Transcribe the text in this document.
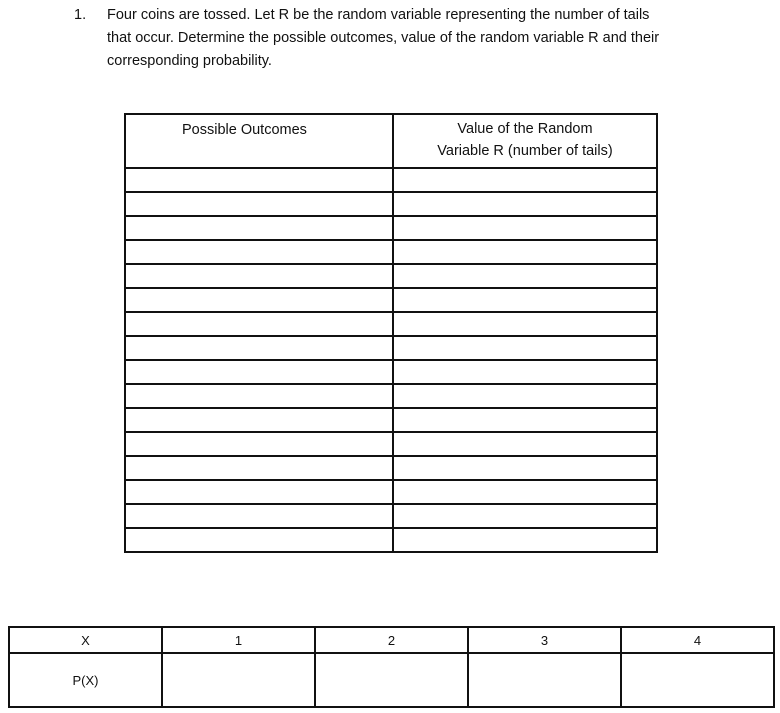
1. Four coins are tossed. Let R be the random variable representing the number of tails
that occur. Determine the possible outcomes, value of the random variable R and their
corresponding probability.
Possible Outcomes	Value of the Random
Variable R (number of tails)

X	1	2	3	4
P(X)				
